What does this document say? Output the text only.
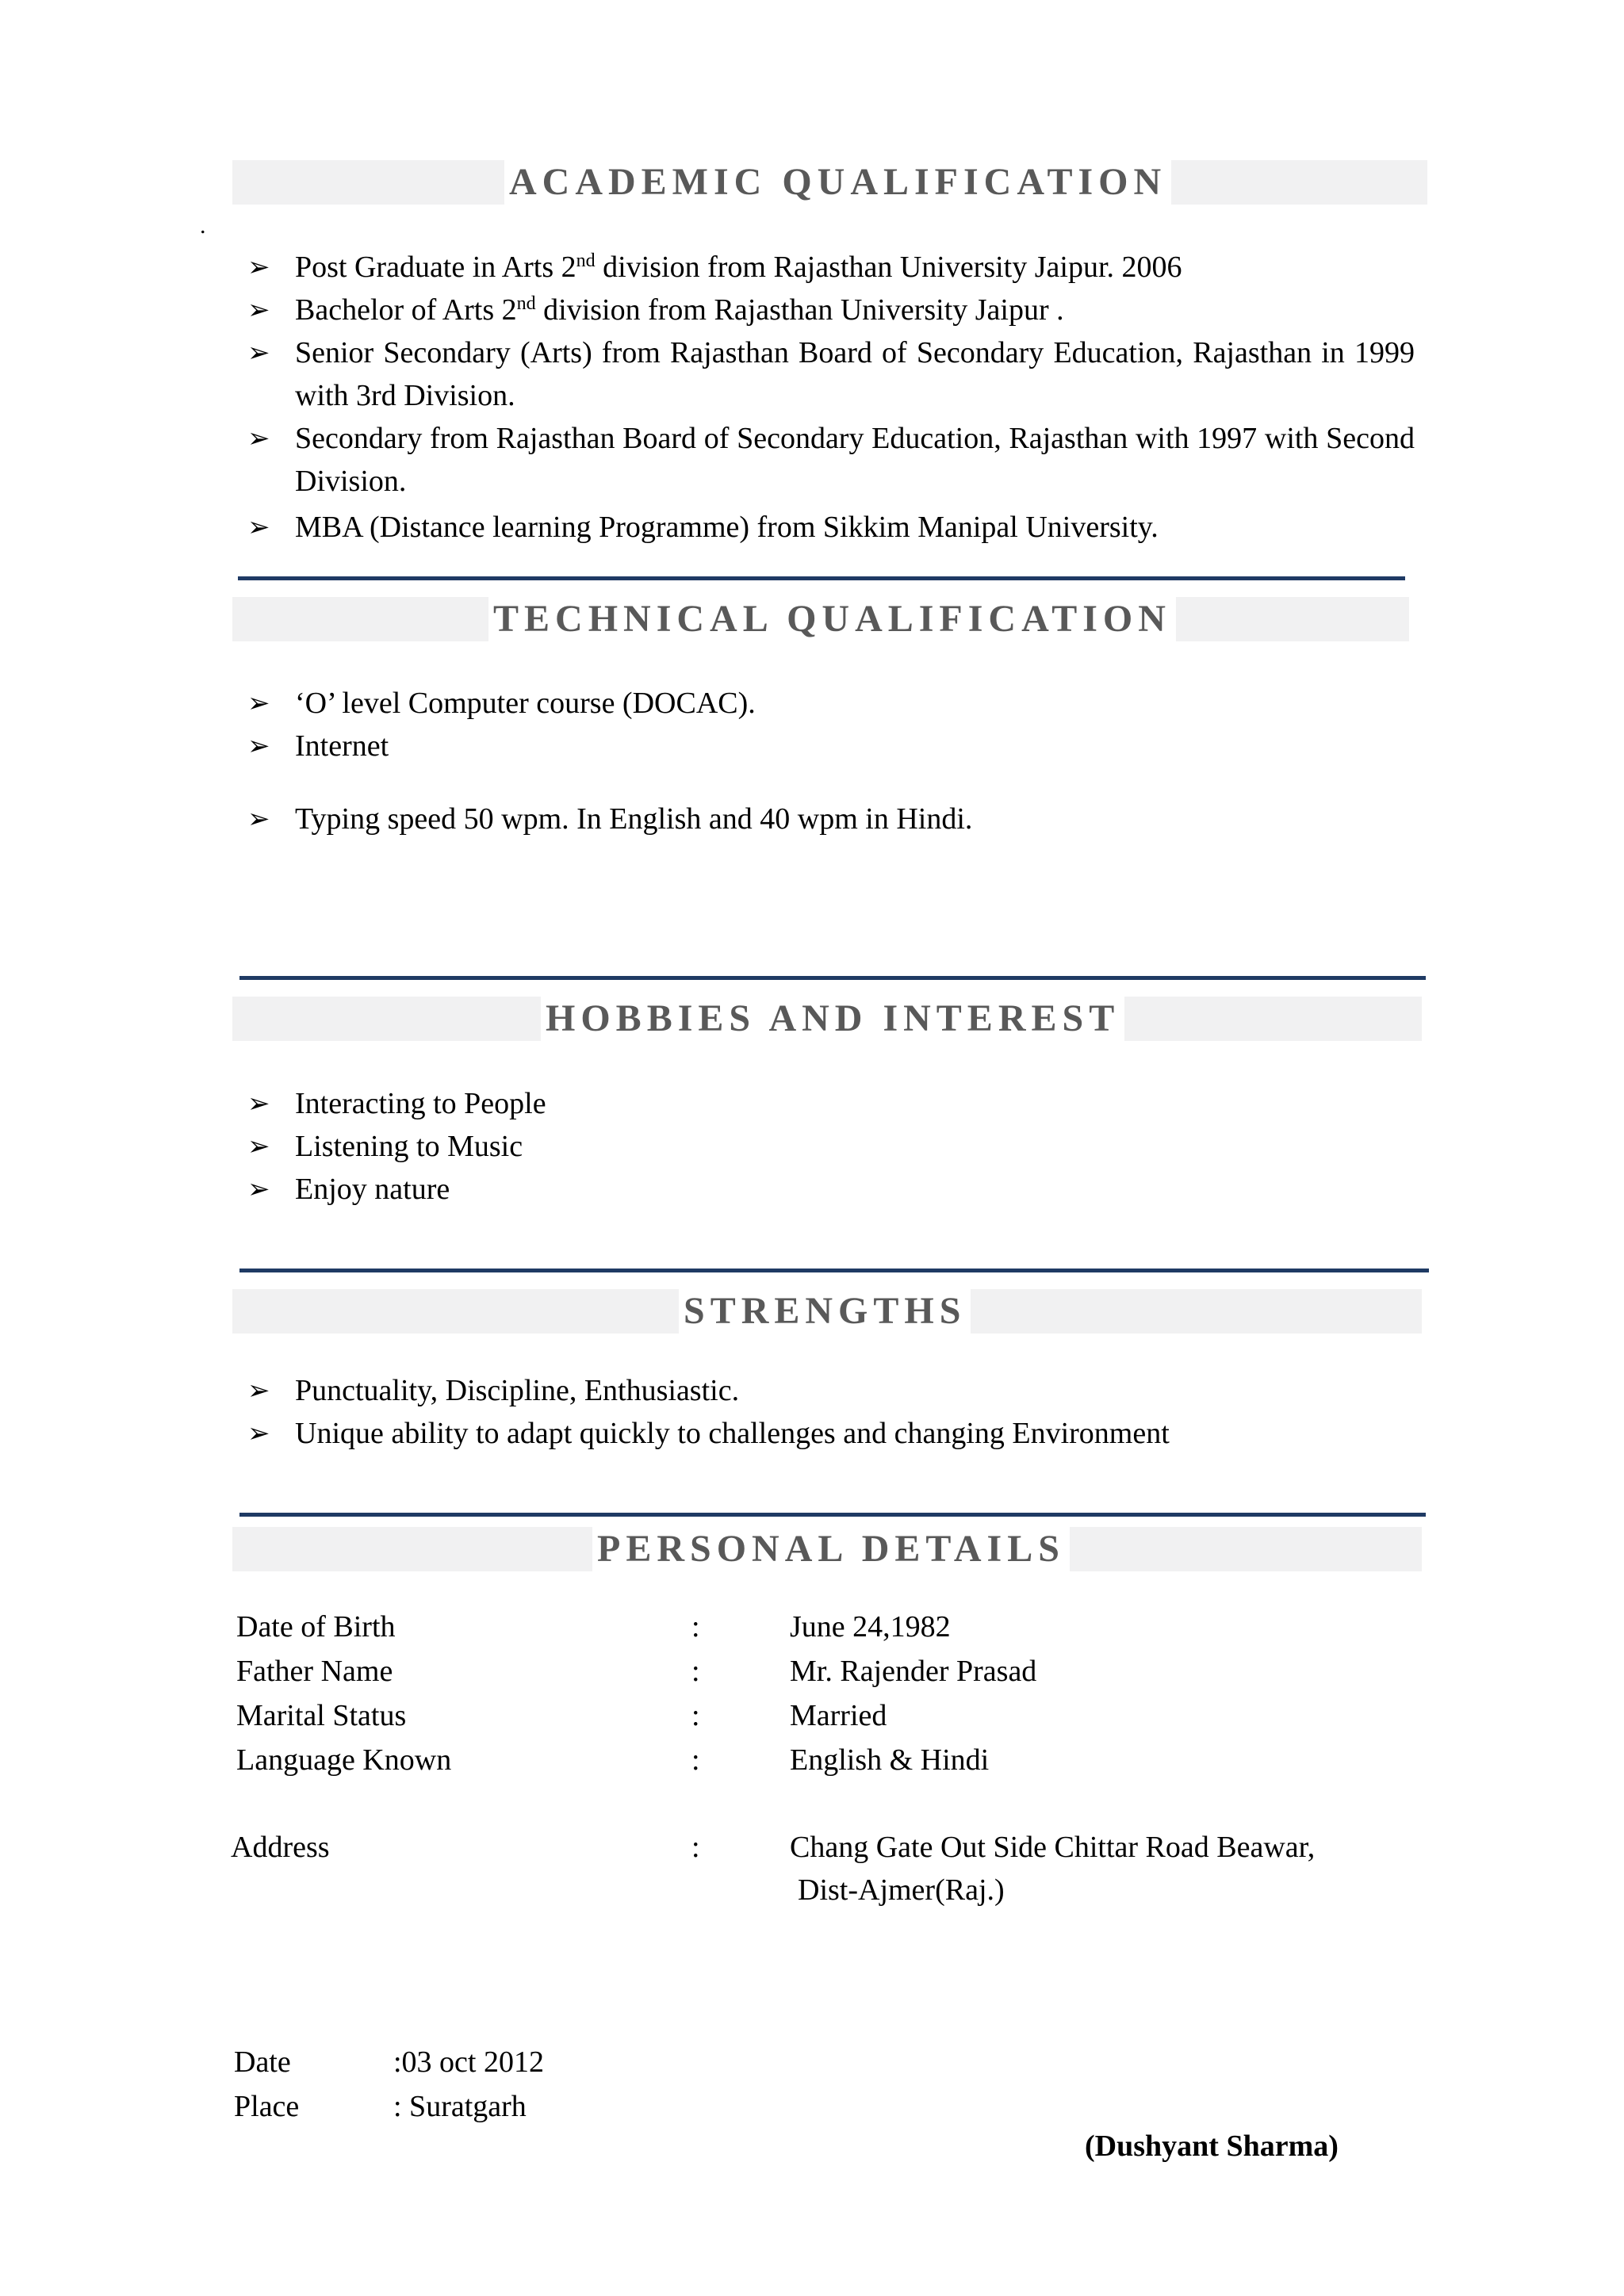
ACADEMIC QUALIFICATION
.
➢ Post Graduate in Arts 2nd division from Rajasthan University Jaipur. 2006
➢ Bachelor of Arts 2nd division from Rajasthan University Jaipur .
➢ Senior Secondary (Arts) from Rajasthan Board of Secondary Education, Rajasthan in 1999 with 3rd Division.
➢ Secondary from Rajasthan Board of Secondary Education, Rajasthan with 1997 with Second Division.
➢ MBA (Distance learning Programme) from Sikkim Manipal University.
TECHNICAL QUALIFICATION
➢ ‘O’ level Computer course (DOCAC).
➢ Internet
➢ Typing speed 50 wpm. In English and 40 wpm in Hindi.
HOBBIES AND INTEREST
➢ Interacting to People
➢ Listening to Music
➢ Enjoy nature
STRENGTHS
➢ Punctuality, Discipline, Enthusiastic.
➢ Unique ability to adapt quickly to challenges and changing Environment
PERSONAL DETAILS
Date of Birth	:	June 24,1982
Father Name	:	Mr. Rajender Prasad
Marital Status	:	Married
Language Known	:	English & Hindi
Address	:	Chang Gate Out Side Chittar Road Beawar,
Dist-Ajmer(Raj.)
Date	:03 oct 2012
Place	: Suratgarh
(Dushyant Sharma)
